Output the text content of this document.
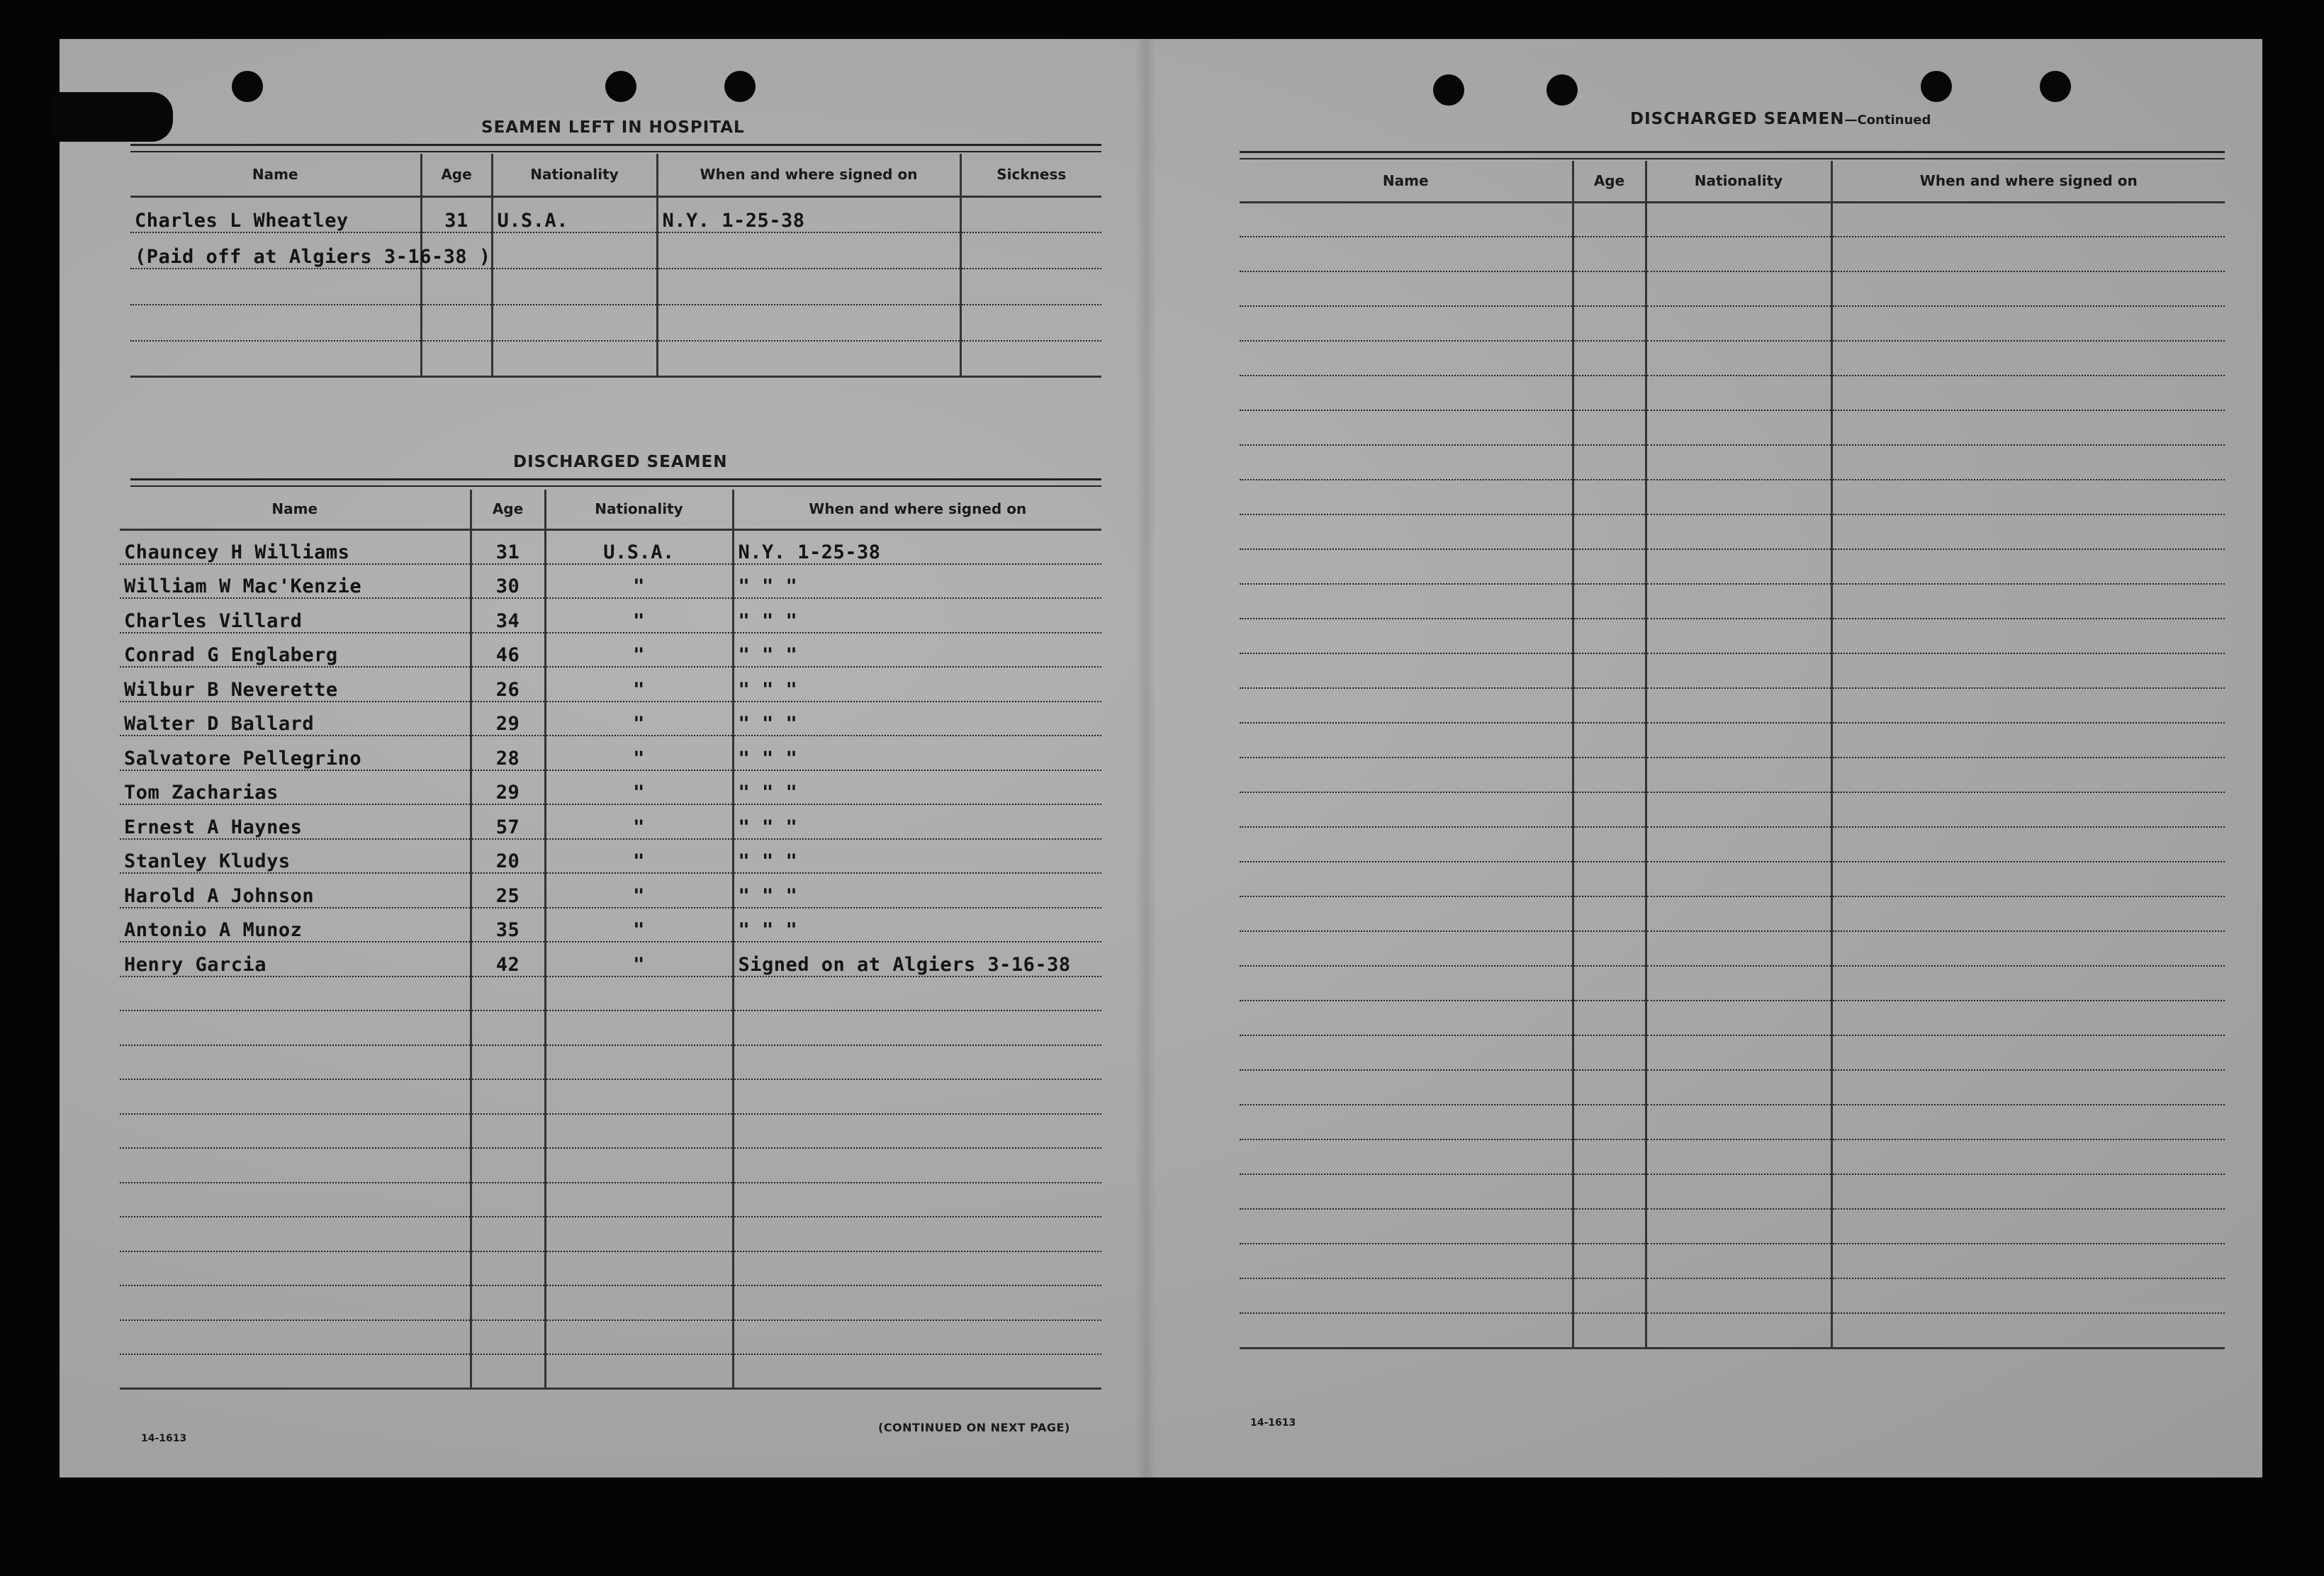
SEAMEN LEFT IN HOSPITAL
Name	Age	Nationality	When and where signed on	Sickness
Charles L Wheatley	31	U.S.A.	N.Y. 1-25-38	
(Paid off at Algiers 3-16-38 )				

DISCHARGED SEAMEN
Name	Age	Nationality	When and where signed on
Chauncey H Williams	31	U.S.A.	N.Y. 1-25-38
William W Mac'Kenzie	30	"	" " "
Charles Villard	34	"	" " "
Conrad G Englaberg	46	"	" " "
Wilbur B Neverette	26	"	" " "
Walter D Ballard	29	"	" " "
Salvatore Pellegrino	28	"	" " "
Tom Zacharias	29	"	" " "
Ernest A Haynes	57	"	" " "
Stanley Kludys	20	"	" " "
Harold A Johnson	25	"	" " "
Antonio A Munoz	35	"	" " "
Henry Garcia	42	"	Signed on at Algiers 3-16-38

14-1613
(CONTINUED ON NEXT PAGE)
DISCHARGED SEAMEN—Continued
Name	Age	Nationality	When and where signed on

14-1613
